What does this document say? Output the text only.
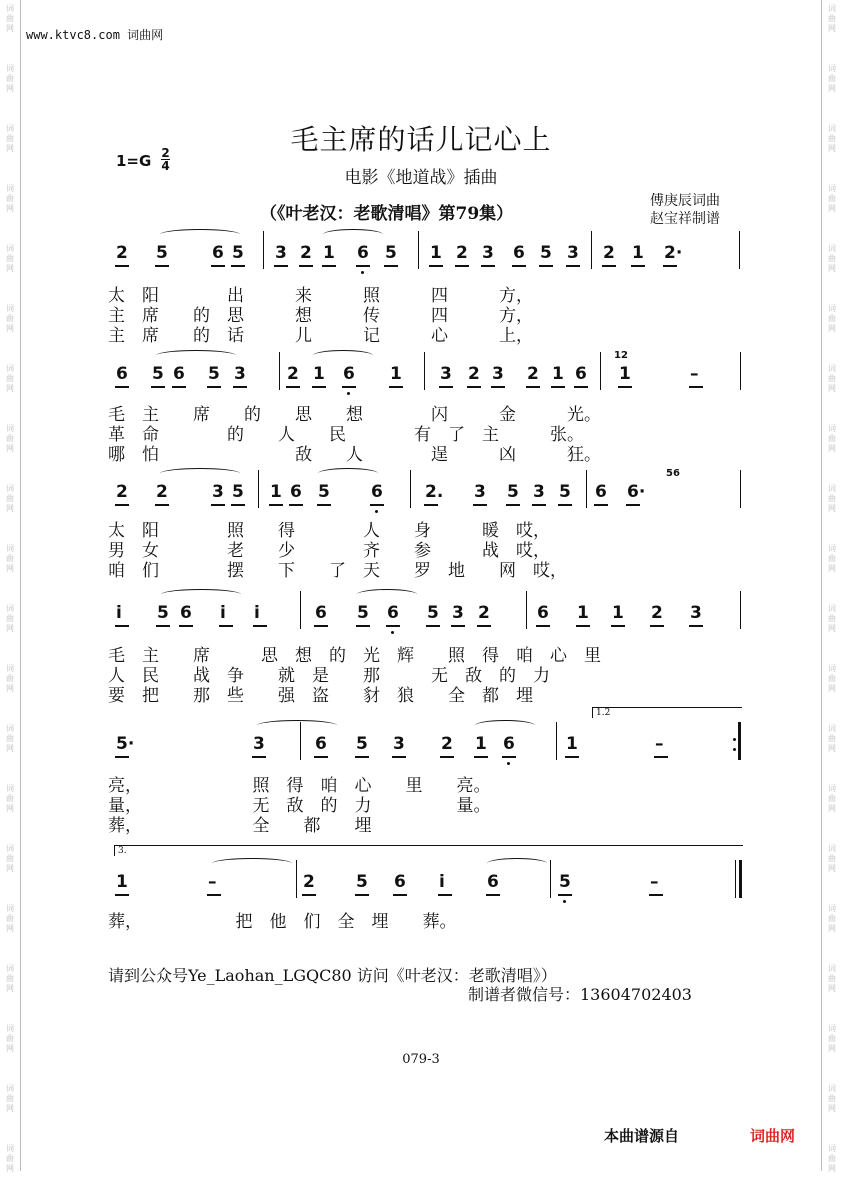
词
曲
网
词
曲
网
词
曲
网
词
曲
网
词
曲
网
词
曲
网
词
曲
网
词
曲
网
词
曲
网
词
曲
网
词
曲
网
词
曲
网
词
曲
网
词
曲
网
词
曲
网
词
曲
网
词
曲
网
词
曲
网
词
曲
网
词
曲
网
词
曲
网
词
曲
网
词
曲
网
词
曲
网
词
曲
网
词
曲
网
词
曲
网
词
曲
网
词
曲
网
词
曲
网
词
曲
网
词
曲
网
词
曲
网
词
曲
网
词
曲
网
词
曲
网
词
曲
网
词
曲
网
词
曲
网
词
曲
网
www.ktvc8.com 词曲网
毛主席的话儿记心上
电影《地道战》插曲
（《叶老汉：老歌清唱》第79集）
1=G 2
4
傅庚辰词曲
赵宝祥制谱
2 5	6 5 3 2 1 6 5 1 2 3 6 5 3 2 1 2·
6 5 6 5 3 2 1 6 1 3 2 3 2 1 6 1	–
12
2 2	3 5 1 6 5 6 2. 3 5 3 5 6 6·
56
i 5 6 i i	6 5 6 5 3 2	6 1 1 2 3
5·	3	6 5 3 2 1 6	1	–
1.2
1	–	2 5 6 i 6	5	–
3.
太　阳　　　　出　　　来　　　照　　　四　　　方，
主　席　　的　思　　　想　　　传　　　四　　　方，
主　席　　的　话　　　儿　　　记　　　心　　　上，
毛　主　　席　　的　　思　　想　　　　闪　　　金　　　光。
革　命　　　　的　　人　　民　　　　有　了　主　　　张。
哪　怕　　　　　　　　敌　　人　　　　逞　　　凶　　　狂。
太　阳　　　　照　　得　　　　人　　身　　　暖　哎，
男　女　　　　老　　少　　　　齐　　参　　　战　哎，
咱　们　　　　摆　　下　　了　天　　罗　地　　网　哎，
毛　主　　席　　　思　想　的　光　辉　　照　得　咱　心　里
人　民　　战　争　　就　是　　那　　　无　敌　的　力
要　把　　那　些　　强　盗　　豺　狼　　全　都　埋
亮，　　　　　　　照　得　咱　心　　里　　亮。
量，　　　　　　　无　敌　的　力　　　　　量。
葬，　　　　　　　全　　都　　埋
葬，　　　　　　把　他　们　全　埋　　葬。
请到公众号Ye_Laohan_LGQC80 访问《叶老汉：老歌清唱》）
制谱者微信号：13604702403
079-3
本曲谱源自	词曲网
